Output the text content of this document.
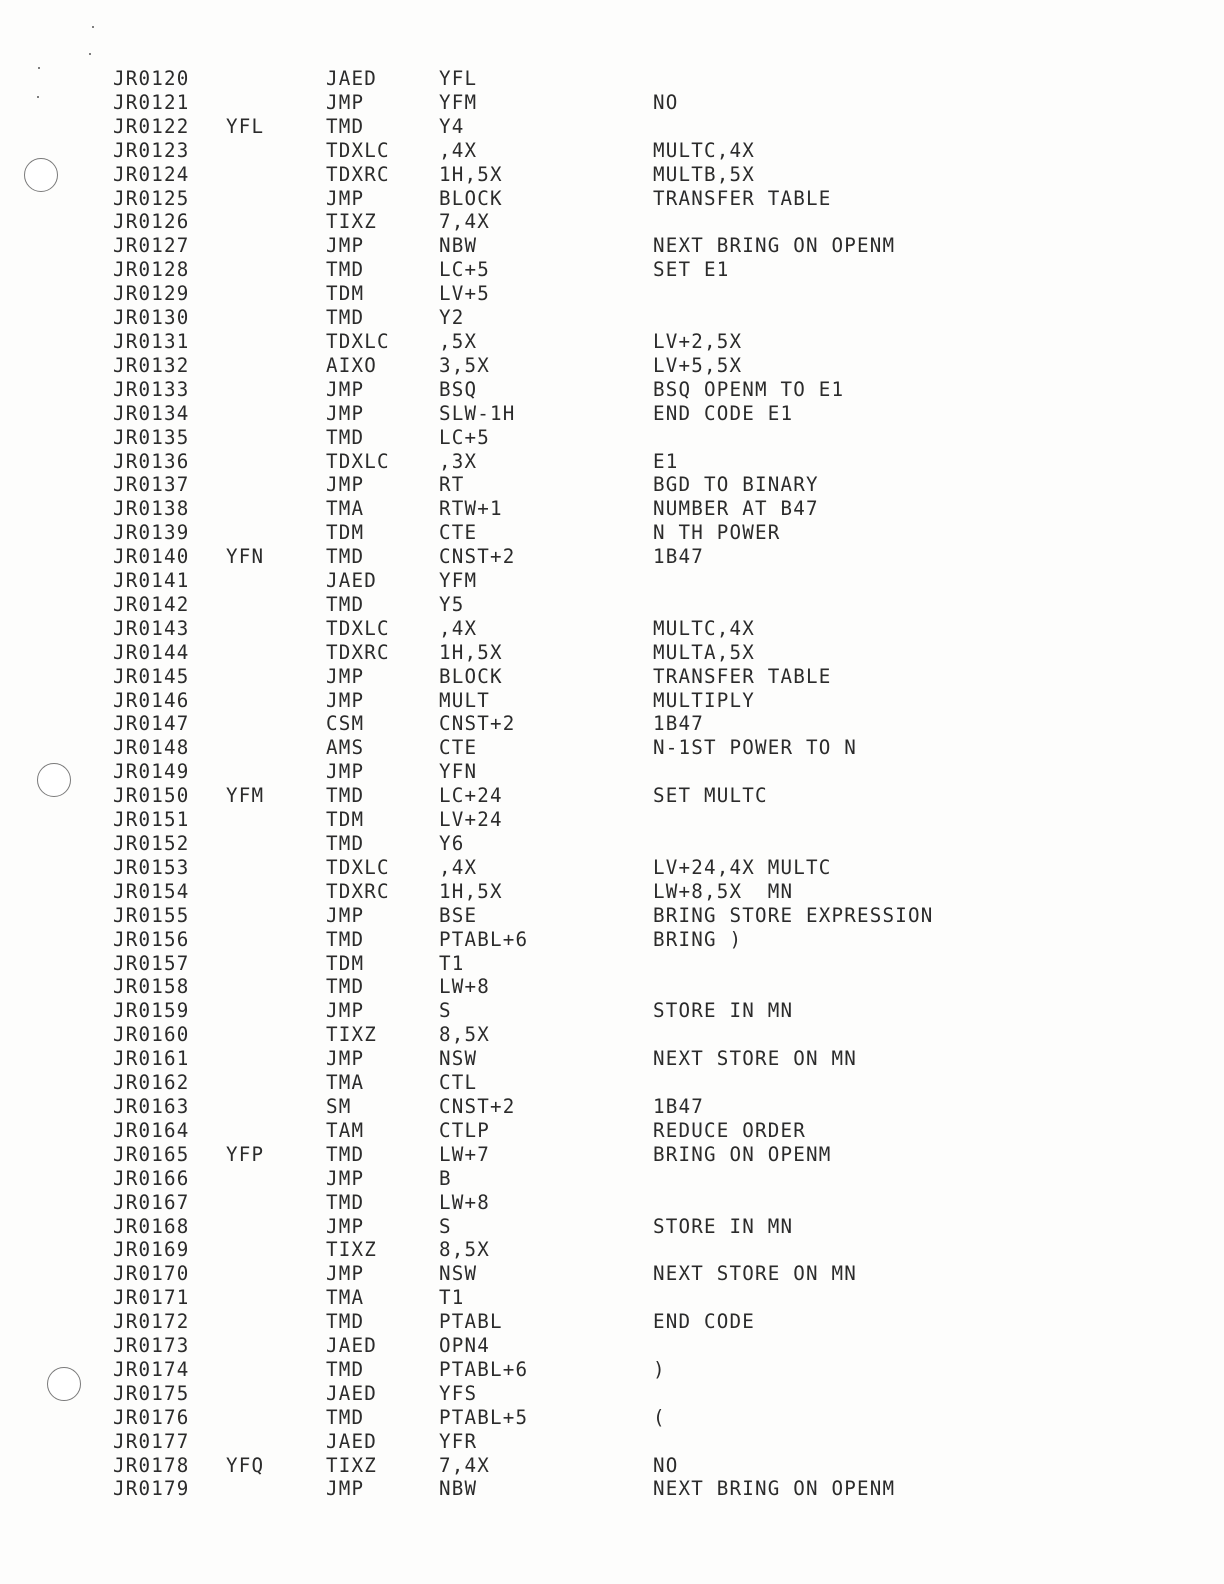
JR0120	JAED	YFL
JR0121	JMP	YFM	NO
JR0122 YFL	TMD	Y4
JR0123	TDXLC	,4X	MULTC,4X
JR0124	TDXRC	1H,5X	MULTB,5X
JR0125	JMP	BLOCK	TRANSFER TABLE
JR0126	TIXZ	7,4X
JR0127	JMP	NBW	NEXT BRING ON OPENM
JR0128	TMD	LC+5	SET E1
JR0129	TDM	LV+5
JR0130	TMD	Y2
JR0131	TDXLC	,5X	LV+2,5X
JR0132	AIXO	3,5X	LV+5,5X
JR0133	JMP	BSQ	BSQ OPENM TO E1
JR0134	JMP	SLW-1H	END CODE E1
JR0135	TMD	LC+5
JR0136	TDXLC	,3X	E1
JR0137	JMP	RT	BGD TO BINARY
JR0138	TMA	RTW+1	NUMBER AT B47
JR0139	TDM	CTE	N TH POWER
JR0140 YFN	TMD	CNST+2	1B47
JR0141	JAED	YFM
JR0142	TMD	Y5
JR0143	TDXLC	,4X	MULTC,4X
JR0144	TDXRC	1H,5X	MULTA,5X
JR0145	JMP	BLOCK	TRANSFER TABLE
JR0146	JMP	MULT	MULTIPLY
JR0147	CSM	CNST+2	1B47
JR0148	AMS	CTE	N-1ST POWER TO N
JR0149	JMP	YFN
JR0150 YFM	TMD	LC+24	SET MULTC
JR0151	TDM	LV+24
JR0152	TMD	Y6
JR0153	TDXLC	,4X	LV+24,4X MULTC
JR0154	TDXRC	1H,5X	LW+8,5X  MN
JR0155	JMP	BSE	BRING STORE EXPRESSION
JR0156	TMD	PTABL+6	BRING )
JR0157	TDM	T1
JR0158	TMD	LW+8
JR0159	JMP	S	STORE IN MN
JR0160	TIXZ	8,5X
JR0161	JMP	NSW	NEXT STORE ON MN
JR0162	TMA	CTL
JR0163	SM	CNST+2	1B47
JR0164	TAM	CTLP	REDUCE ORDER
JR0165 YFP	TMD	LW+7	BRING ON OPENM
JR0166	JMP	B
JR0167	TMD	LW+8
JR0168	JMP	S	STORE IN MN
JR0169	TIXZ	8,5X
JR0170	JMP	NSW	NEXT STORE ON MN
JR0171	TMA	T1
JR0172	TMD	PTABL	END CODE
JR0173	JAED	OPN4
JR0174	TMD	PTABL+6	)
JR0175	JAED	YFS
JR0176	TMD	PTABL+5	(
JR0177	JAED	YFR
JR0178 YFQ	TIXZ	7,4X	NO
JR0179	JMP	NBW	NEXT BRING ON OPENM
